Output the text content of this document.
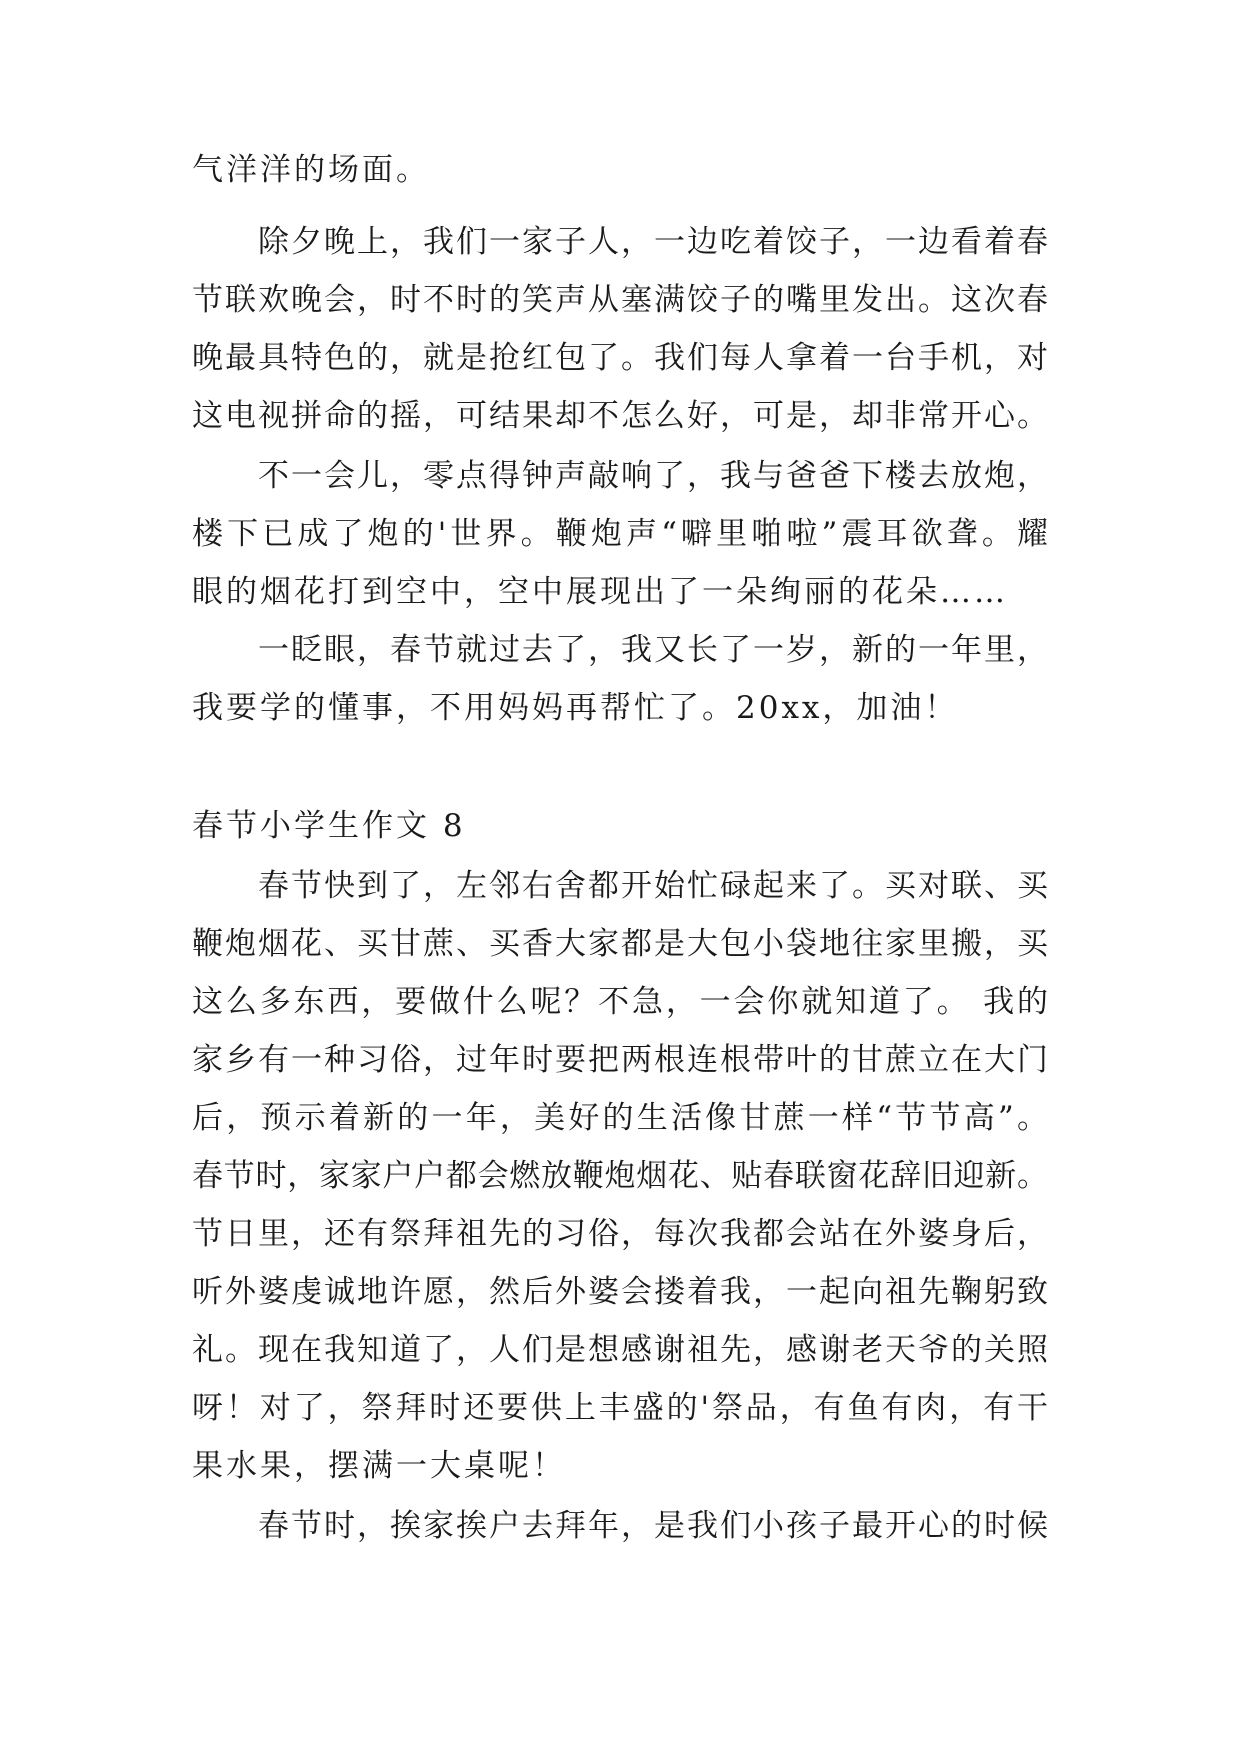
气洋洋的场面。
除夕晚上，我们一家子人，一边吃着饺子，一边看着春
节联欢晚会，时不时的笑声从塞满饺子的嘴里发出。这次春
晚最具特色的，就是抢红包了。我们每人拿着一台手机，对
这电视拼命的摇，可结果却不怎么好，可是，却非常开心。
不一会儿，零点得钟声敲响了，我与爸爸下楼去放炮，
楼下已成了炮的'世界。鞭炮声“噼里啪啦”震耳欲聋。耀
眼的烟花打到空中，空中展现出了一朵绚丽的花朵……
一眨眼，春节就过去了，我又长了一岁，新的一年里，
我要学的懂事，不用妈妈再帮忙了。20xx，加油！
春节小学生作文 8
春节快到了，左邻右舍都开始忙碌起来了。买对联、买
鞭炮烟花、买甘蔗、买香大家都是大包小袋地往家里搬，买
这么多东西，要做什么呢？不急，一会你就知道了。 我的
家乡有一种习俗，过年时要把两根连根带叶的甘蔗立在大门
后，预示着新的一年，美好的生活像甘蔗一样“节节高”。
春节时，家家户户都会燃放鞭炮烟花、贴春联窗花辞旧迎新。
节日里，还有祭拜祖先的习俗，每次我都会站在外婆身后，
听外婆虔诚地许愿，然后外婆会搂着我，一起向祖先鞠躬致
礼。现在我知道了，人们是想感谢祖先，感谢老天爷的关照
呀！对了，祭拜时还要供上丰盛的'祭品，有鱼有肉，有干
果水果，摆满一大桌呢！
春节时，挨家挨户去拜年，是我们小孩子最开心的时候
